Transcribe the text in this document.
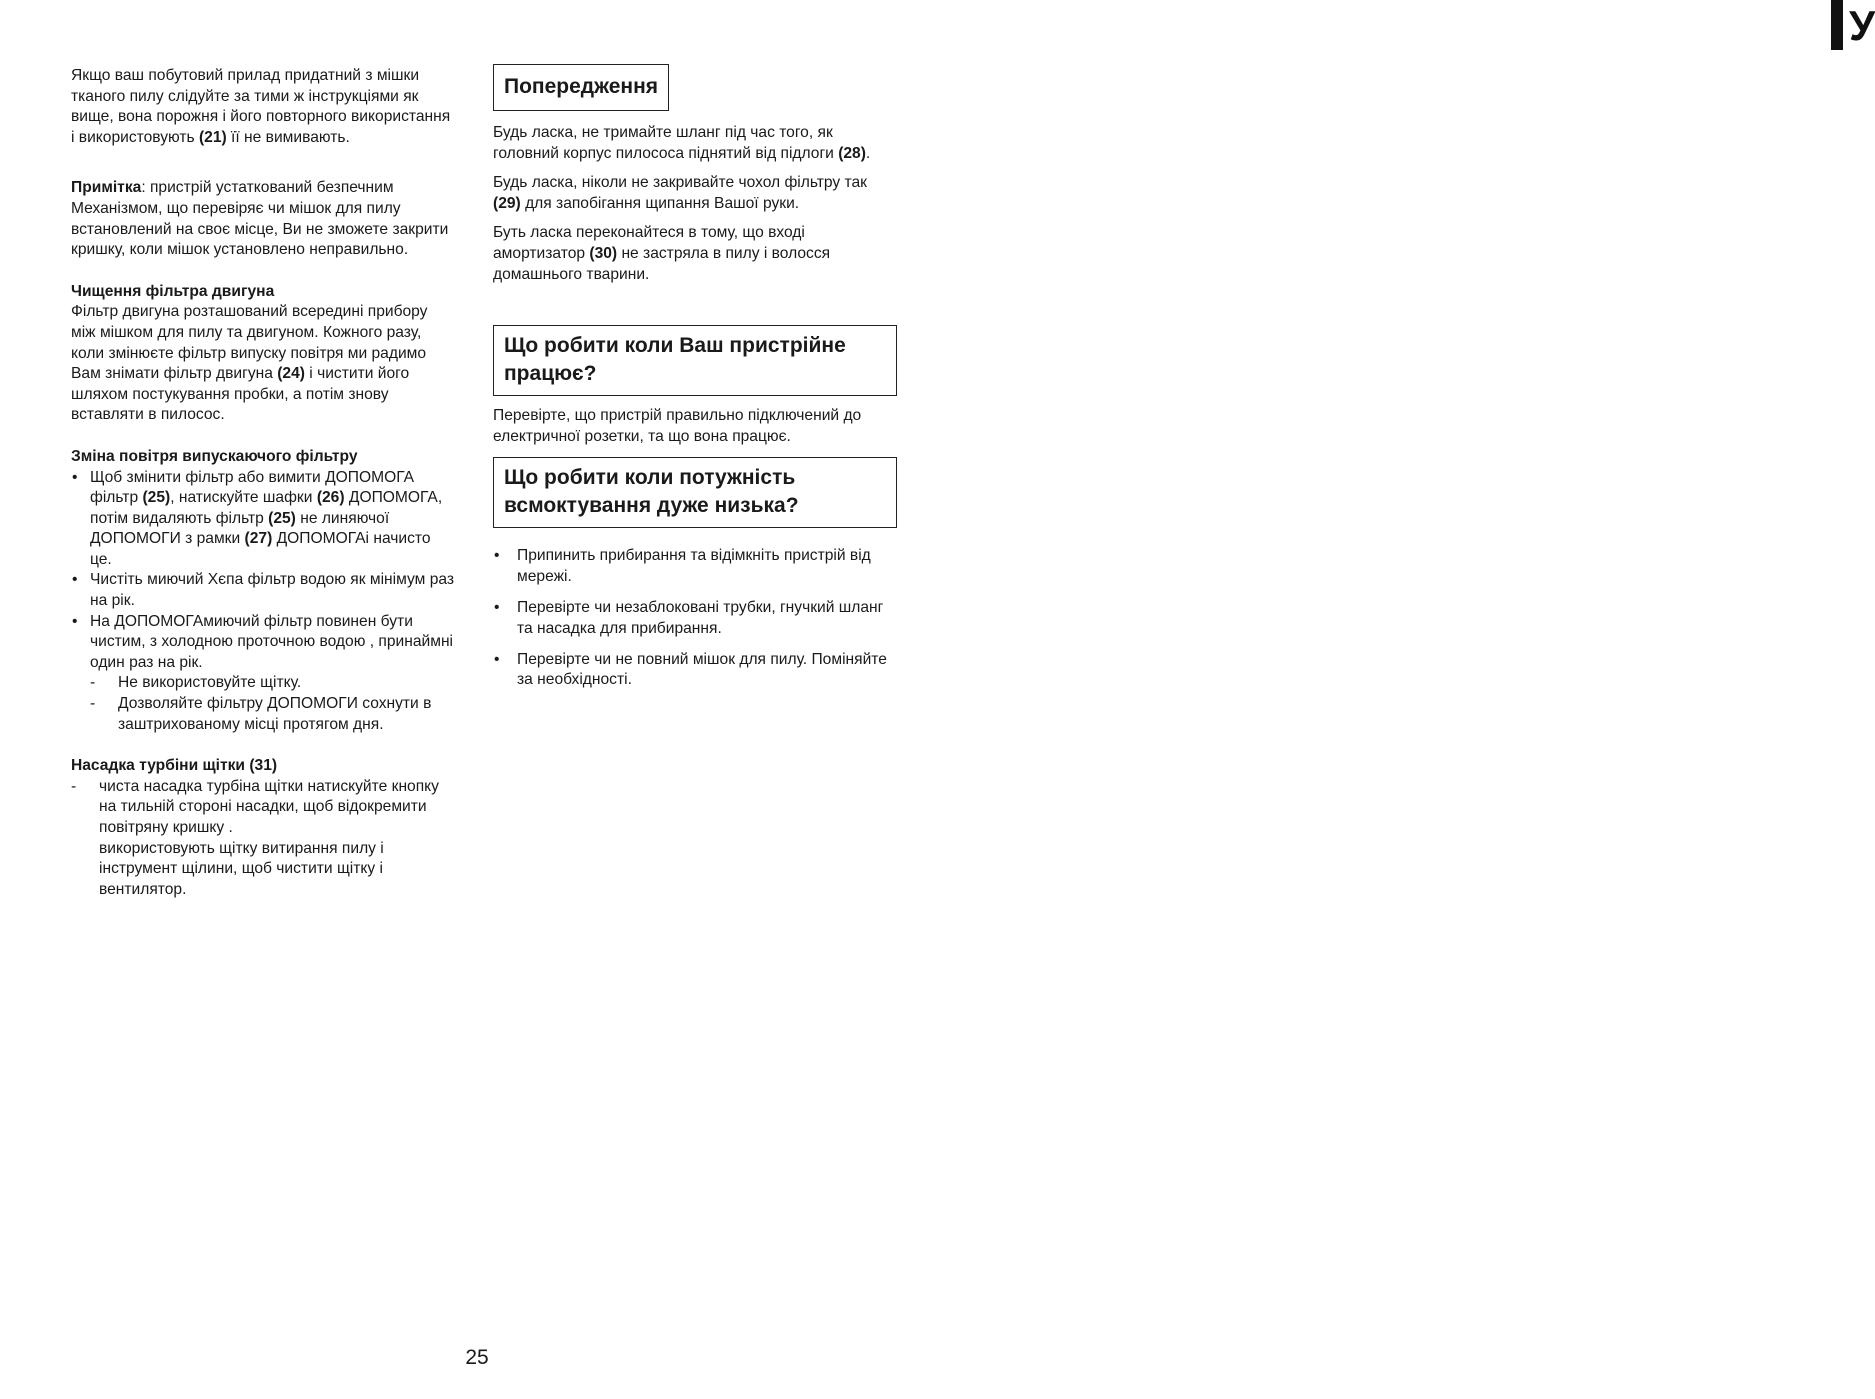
У

Якщо ваш побутовий прилад придатний з мішки тканого пилу слідуйте за тими ж інструкціями як вище, вона порожня і його повторного використання і використовують (21) її не вимивають.

Примітка: пристрій устаткований безпечним Механізмом, що перевіряє чи мішок для пилу встановлений на своє місце, Ви не зможете закрити кришку, коли мішок установлено неправильно.

Чищення фільтра двигуна

Фільтр двигуна розташований всередині прибору між мішком для пилу та двигуном. Кожного разу, коли змінюєте фільтр випуску повітря ми радимо Вам знімати фільтр двигуна (24) і чистити його шляхом постукування пробки, а потім знову вставляти в пилосос.

Зміна повітря випускаючого фільтру

• Щоб змінити фільтр або вимити ДОПОМОГА фільтр (25), натискуйте шафки (26) ДОПОМОГА, потім видаляють фільтр (25) не линяючої ДОПОМОГИ з рамки (27) ДОПОМОГАі начисто це.
• Чистіть миючий Хєпа фільтр водою як мінімум раз на рік.
• На ДОПОМОГАмиючий фільтр повинен бути чистим, з холодною проточною водою , принаймні один раз на рік.
- Не використовуйте щітку.
- Дозволяйте фільтру ДОПОМОГИ сохнути в заштрихованому місці протягом дня.

Насадка турбіни щітки (31)

- чиста насадка турбіна щітки натискуйте кнопку на тильній стороні насадки, щоб відокремити повітряну кришку .
використовують щітку витирання пилу і інструмент щілини, щоб чистити щітку і вентилятор.
Попередження

Будь ласка, не тримайте шланг під час того, як головний корпус пилососа піднятий від підлоги (28).

Будь ласка, ніколи не закривайте чохол фільтру так (29) для запобігання щипання Вашої руки.

Буть ласка переконайтеся в тому, що вході амортизатор (30) не застряла в пилу і волосся домашнього тварини.

Що робити коли Ваш пристрійне працює?

Перевірте, що пристрій правильно підключений до електричної розетки, та що вона працює.

Що робити коли потужність всмоктування дуже низька?
• Припинить прибирання та відімкніть пристрій від мережі.
• Перевірте чи незаблоковані трубки, гнучкий шланг та насадка для прибирання.
• Перевірте чи не повний мішок для пилу. Поміняйте за необхідності.
25
